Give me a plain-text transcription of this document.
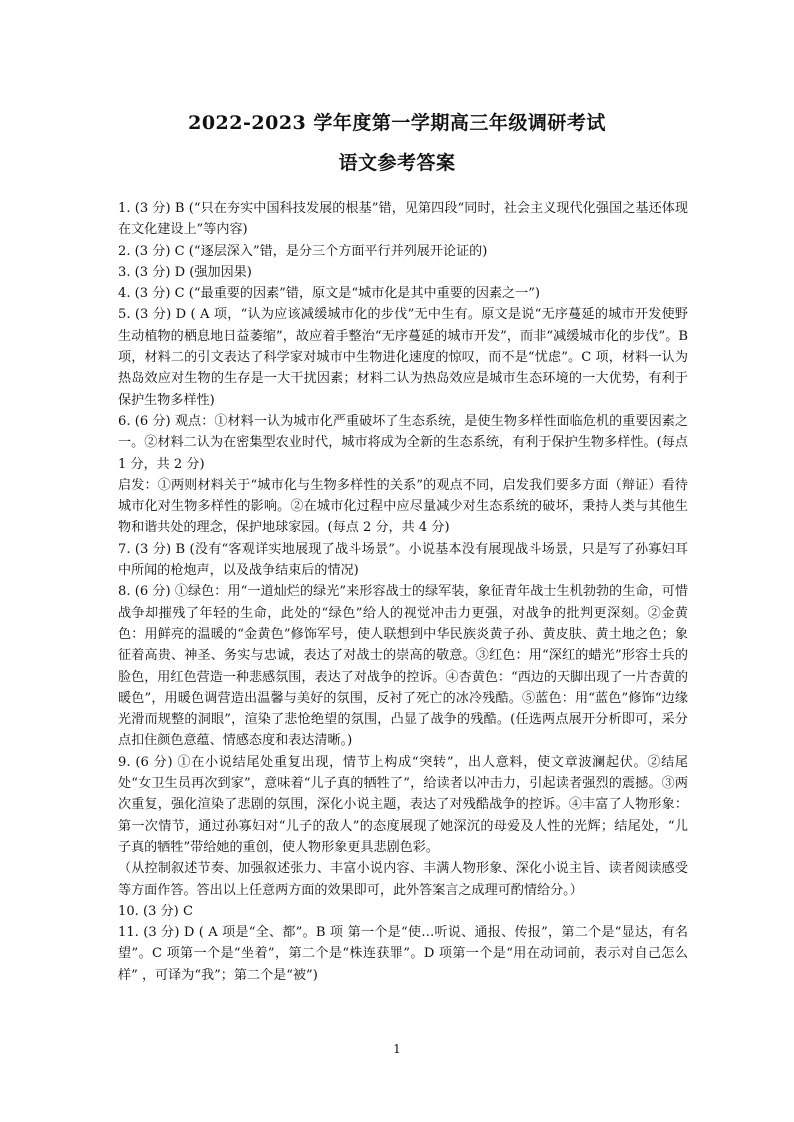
2022-2023 学年度第一学期高三年级调研考试
语文参考答案

1. (3 分) B (“只在夯实中国科技发展的根基”错，见第四段“同时，社会主义现代化强国之基还体现在文化建设上”等内容)

2. (3 分) C (“逐层深入”错，是分三个方面平行并列展开论证的)

3. (3 分) D (强加因果)

4. (3 分) C (“最重要的因素”错，原文是“城市化是其中重要的因素之一”)

5. (3 分) D ( A 项，“认为应该减缓城市化的步伐”无中生有。原文是说“无序蔓延的城市开发使野生动植物的栖息地日益萎缩”，故应着手整治“无序蔓延的城市开发”，而非“减缓城市化的步伐”。B 项，材料二的引文表达了科学家对城市中生物进化速度的惊叹，而不是“忧虑”。C 项，材料一认为热岛效应对生物的生存是一大干扰因素；材料二认为热岛效应是城市生态环境的一大优势，有利于保护生物多样性)

6. (6 分) 观点：①材料一认为城市化严重破坏了生态系统，是使生物多样性面临危机的重要因素之一。②材料二认为在密集型农业时代，城市将成为全新的生态系统，有利于保护生物多样性。(每点 1 分，共 2 分)

启发：①两则材料关于“城市化与生物多样性的关系”的观点不同，启发我们要多方面（辩证）看待城市化对生物多样性的影响。②在城市化过程中应尽量减少对生态系统的破坏，秉持人类与其他生物和谐共处的理念，保护地球家园。(每点 2 分，共 4 分)

7. (3 分) B (没有“客观详实地展现了战斗场景”。小说基本没有展现战斗场景，只是写了孙寡妇耳中所闻的枪炮声，以及战争结束后的情况)

8. (6 分) ①绿色：用“一道灿烂的绿光”来形容战士的绿军装，象征青年战士生机勃勃的生命，可惜战争却摧残了年轻的生命，此处的“绿色”给人的视觉冲击力更强，对战争的批判更深刻。②金黄色：用鲜亮的温暖的“金黄色”修饰军号，使人联想到中华民族炎黄子孙、黄皮肤、黄土地之色；象征着高贵、神圣、务实与忠诚，表达了对战士的崇高的敬意。③红色：用“深红的蜡光”形容士兵的脸色，用红色营造一种悲感氛围，表达了对战争的控诉。④杏黄色：“西边的天脚出现了一片杏黄的暖色”，用暖色调营造出温馨与美好的氛围，反衬了死亡的冰冷残酷。⑤蓝色：用“蓝色”修饰“边缘光滑而规整的洞眼”，渲染了悲怆绝望的氛围，凸显了战争的残酷。(任选两点展开分析即可，采分点扣住颜色意蕴、情感态度和表达清晰。)

9. (6 分) ①在小说结尾处重复出现，情节上构成“突转”，出人意料，使文章波澜起伏。②结尾处“女卫生员再次到家”，意味着“儿子真的牺牲了”，给读者以冲击力，引起读者强烈的震撼。③两次重复，强化渲染了悲剧的氛围，深化小说主题，表达了对残酷战争的控诉。④丰富了人物形象：第一次情节，通过孙寡妇对“儿子的敌人”的态度展现了她深沉的母爱及人性的光辉；结尾处，“儿子真的牺牲”带给她的重创，使人物形象更具悲剧色彩。

（从控制叙述节奏、加强叙述张力、丰富小说内容、丰满人物形象、深化小说主旨、读者阅读感受等方面作答。答出以上任意两方面的效果即可，此外答案言之成理可酌情给分。）

10. (3 分) C

11. (3 分) D ( A 项是“全、都”。B 项 第一个是“使…听说、通报、传报”，第二个是“显达，有名望”。C 项第一个是“坐着”，第二个是“株连获罪”。D 项第一个是“用在动词前，表示对自己怎么样” ，可译为“我”；第二个是“被”)

1
